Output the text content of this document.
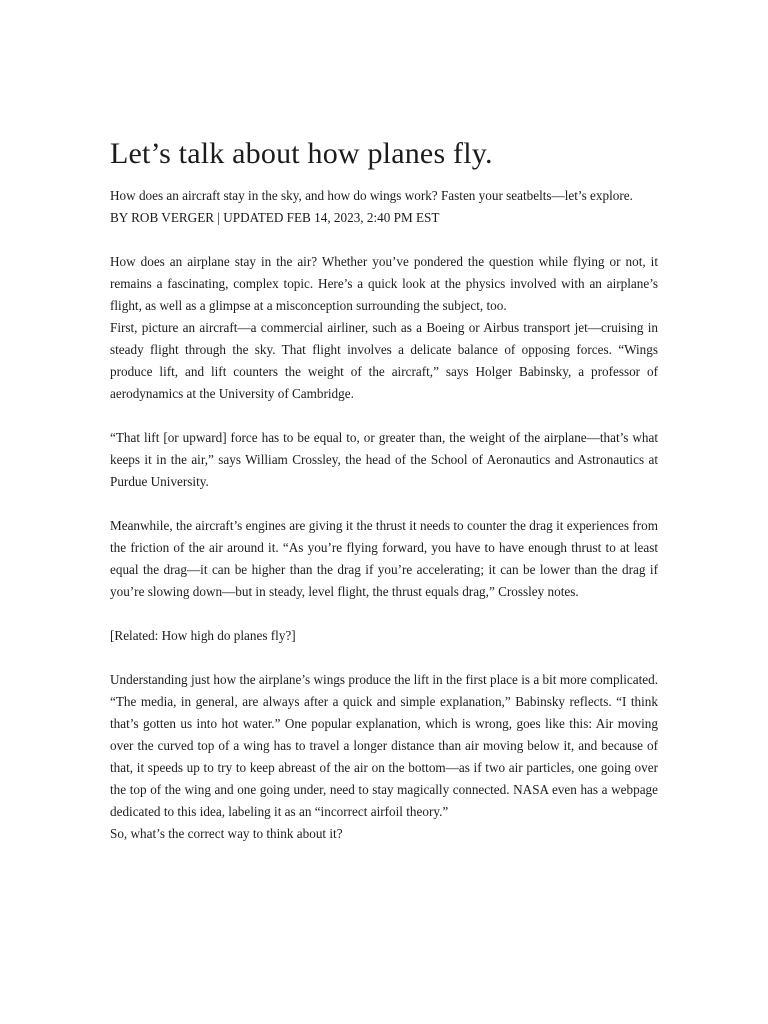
Let’s talk about how planes fly.

How does an aircraft stay in the sky, and how do wings work? Fasten your seatbelts—let’s explore.

BY ROB VERGER | UPDATED FEB 14, 2023, 2:40 PM EST

How does an airplane stay in the air? Whether you’ve pondered the question while flying or not, it remains a fascinating, complex topic. Here’s a quick look at the physics involved with an airplane’s flight, as well as a glimpse at a misconception surrounding the subject, too.

First, picture an aircraft—a commercial airliner, such as a Boeing or Airbus transport jet—cruising in steady flight through the sky. That flight involves a delicate balance of opposing forces. “Wings produce lift, and lift counters the weight of the aircraft,” says Holger Babinsky, a professor of aerodynamics at the University of Cambridge.

“That lift [or upward] force has to be equal to, or greater than, the weight of the airplane—that’s what keeps it in the air,” says William Crossley, the head of the School of Aeronautics and Astronautics at Purdue University.

Meanwhile, the aircraft’s engines are giving it the thrust it needs to counter the drag it experiences from the friction of the air around it. “As you’re flying forward, you have to have enough thrust to at least equal the drag—it can be higher than the drag if you’re accelerating; it can be lower than the drag if you’re slowing down—but in steady, level flight, the thrust equals drag,” Crossley notes.

[Related: How high do planes fly?]

Understanding just how the airplane’s wings produce the lift in the first place is a bit more complicated. “The media, in general, are always after a quick and simple explanation,” Babinsky reflects. “I think that’s gotten us into hot water.” One popular explanation, which is wrong, goes like this: Air moving over the curved top of a wing has to travel a longer distance than air moving below it, and because of that, it speeds up to try to keep abreast of the air on the bottom—as if two air particles, one going over the top of the wing and one going under, need to stay magically connected. NASA even has a webpage dedicated to this idea, labeling it as an “incorrect airfoil theory.”

So, what’s the correct way to think about it?
